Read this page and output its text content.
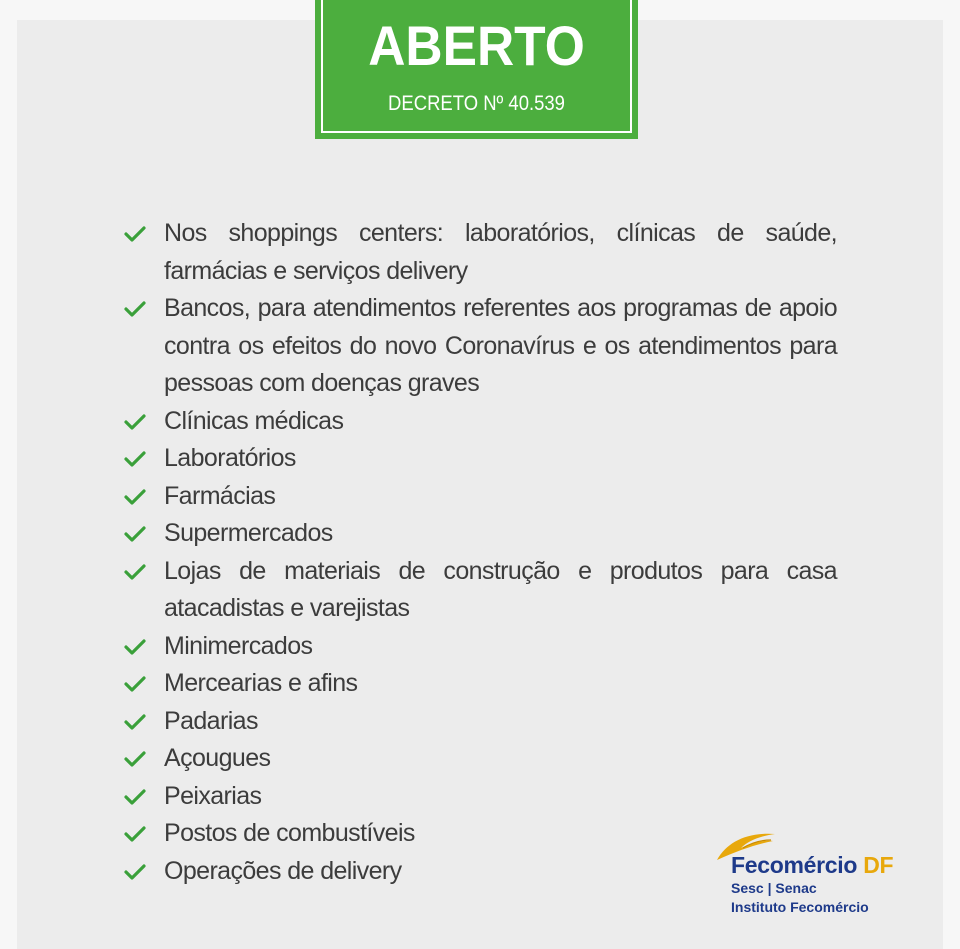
ABERTO
DECRETO Nº 40.539
Nos shoppings centers: laboratórios, clínicas de saúde, farmácias e serviços delivery
Bancos, para atendimentos referentes aos programas de apoio contra os efeitos do novo Coronavírus e os atendimentos para pessoas com doenças graves
Clínicas médicas
Laboratórios
Farmácias
Supermercados
Lojas de materiais de construção e produtos para casa atacadistas e varejistas
Minimercados
Mercearias e afins
Padarias
Açougues
Peixarias
Postos de combustíveis
Operações de delivery	Fecomércio DF
Sesc | Senac
Instituto Fecomércio
